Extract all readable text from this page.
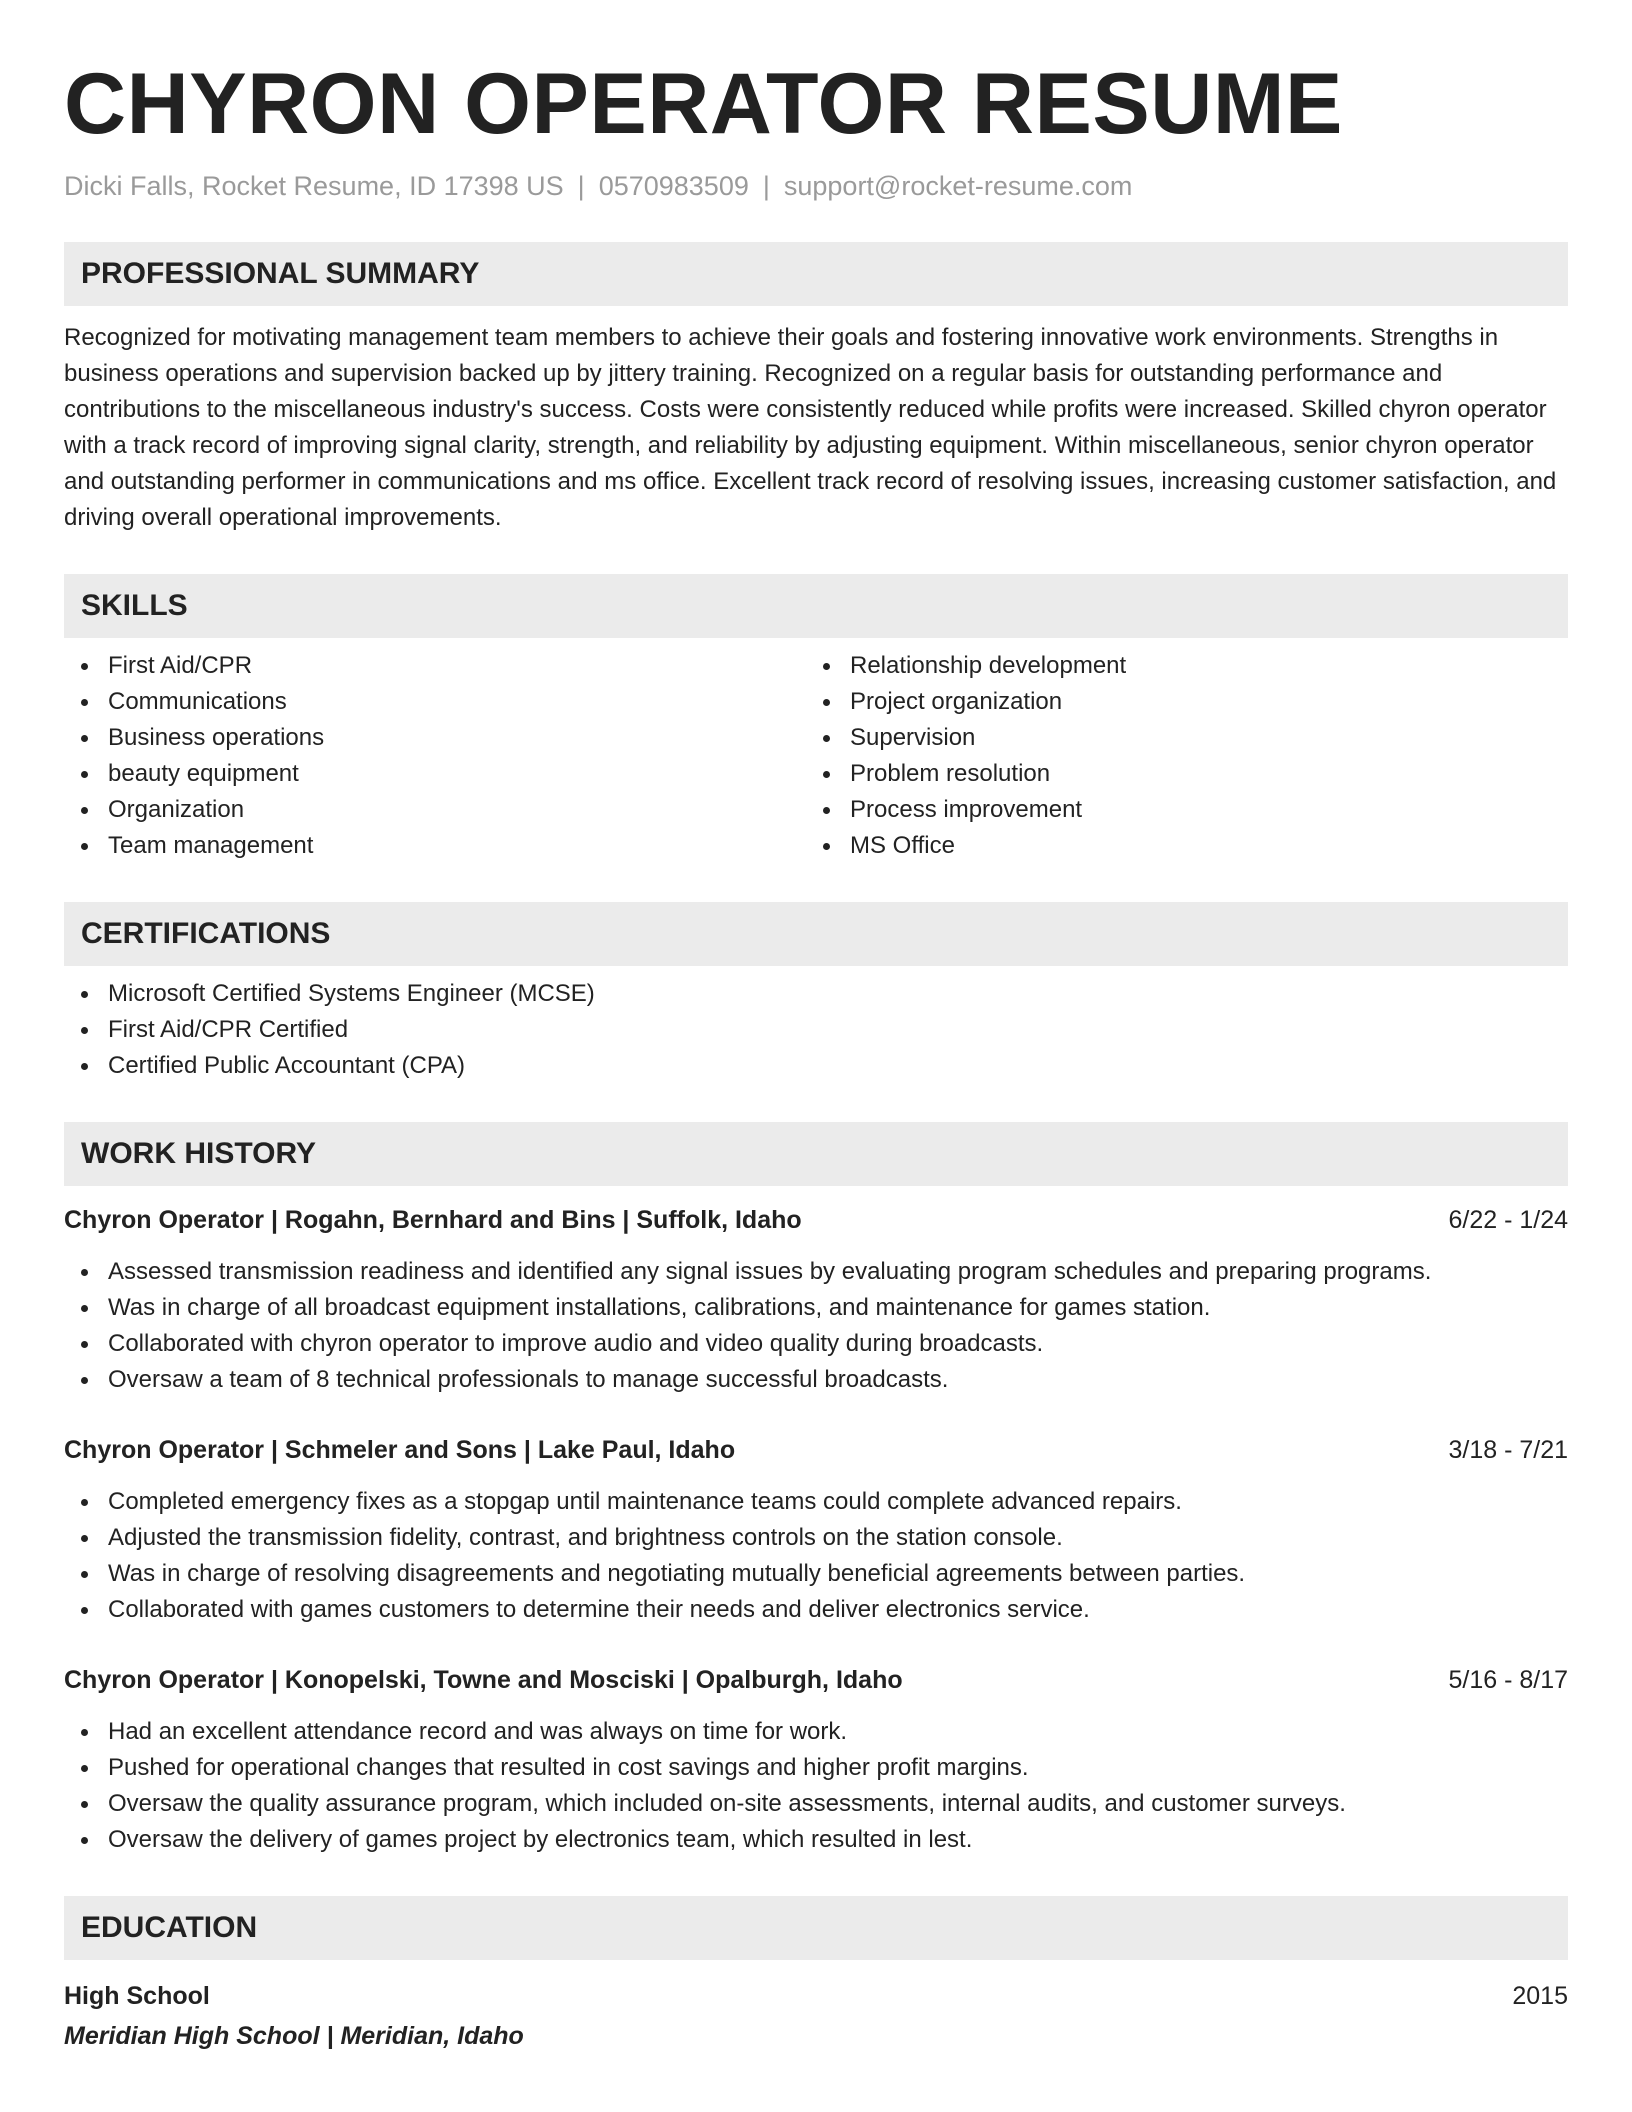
CHYRON OPERATOR RESUME
Dicki Falls, Rocket Resume, ID 17398 US | 0570983509 | support@rocket-resume.com
PROFESSIONAL SUMMARY

Recognized for motivating management team members to achieve their goals and fostering innovative work environments. Strengths in business operations and supervision backed up by jittery training. Recognized on a regular basis for outstanding performance and contributions to the miscellaneous industry's success. Costs were consistently reduced while profits were increased. Skilled chyron operator with a track record of improving signal clarity, strength, and reliability by adjusting equipment. Within miscellaneous, senior chyron operator and outstanding performer in communications and ms office. Excellent track record of resolving issues, increasing customer satisfaction, and driving overall operational improvements.

SKILLS
First Aid/CPR
Communications
Business operations
beauty equipment
Organization
Team management
Relationship development
Project organization
Supervision
Problem resolution
Process improvement
MS Office
CERTIFICATIONS
Microsoft Certified Systems Engineer (MCSE)
First Aid/CPR Certified
Certified Public Accountant (CPA)
WORK HISTORY
Chyron Operator | Rogahn, Bernhard and Bins | Suffolk, Idaho	6/22 - 1/24
Assessed transmission readiness and identified any signal issues by evaluating program schedules and preparing programs.
Was in charge of all broadcast equipment installations, calibrations, and maintenance for games station.
Collaborated with chyron operator to improve audio and video quality during broadcasts.
Oversaw a team of 8 technical professionals to manage successful broadcasts.
Chyron Operator | Schmeler and Sons | Lake Paul, Idaho	3/18 - 7/21
Completed emergency fixes as a stopgap until maintenance teams could complete advanced repairs.
Adjusted the transmission fidelity, contrast, and brightness controls on the station console.
Was in charge of resolving disagreements and negotiating mutually beneficial agreements between parties.
Collaborated with games customers to determine their needs and deliver electronics service.
Chyron Operator | Konopelski, Towne and Mosciski | Opalburgh, Idaho	5/16 - 8/17
Had an excellent attendance record and was always on time for work.
Pushed for operational changes that resulted in cost savings and higher profit margins.
Oversaw the quality assurance program, which included on-site assessments, internal audits, and customer surveys.
Oversaw the delivery of games project by electronics team, which resulted in lest.
EDUCATION
High School	2015
Meridian High School | Meridian, Idaho
